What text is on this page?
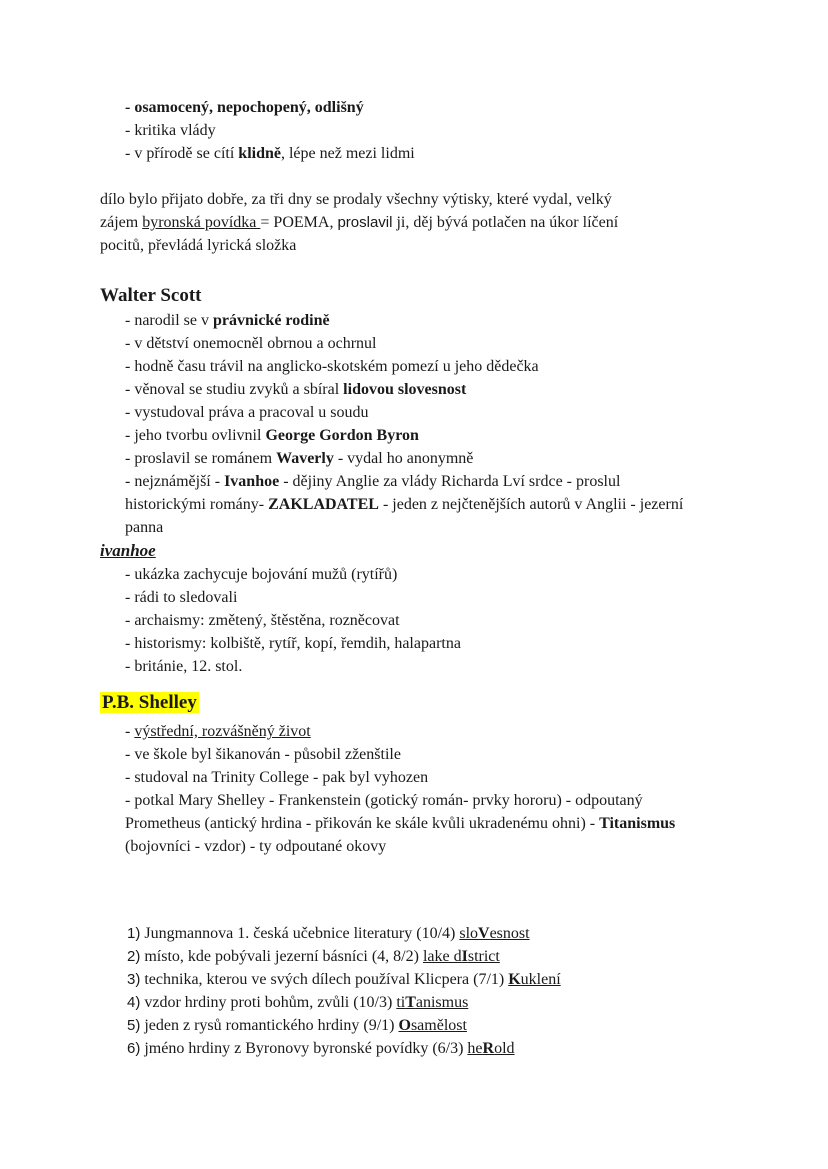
- osamocený, nepochopený, odlišný
- kritika vlády
- v přírodě se cítí klidně, lépe než mezi lidmi
dílo bylo přijato dobře, za tři dny se prodaly všechny výtisky, které vydal, velký
zájem byronská povídka = POEMA, proslavil ji, děj bývá potlačen na úkor líčení
pocitů, převládá lyrická složka
Walter Scott
- narodil se v právnické rodině
- v dětství onemocněl obrnou a ochrnul
- hodně času trávil na anglicko-skotském pomezí u jeho dědečka
- věnoval se studiu zvyků a sbíral lidovou slovesnost
- vystudoval práva a pracoval u soudu
- jeho tvorbu ovlivnil George Gordon Byron
- proslavil se románem Waverly - vydal ho anonymně
- nejznámější - Ivanhoe - dějiny Anglie za vlády Richarda Lví srdce - proslul
historickými romány- ZAKLADATEL - jeden z nejčtenějších autorů v Anglii - jezerní
panna
ivanhoe
- ukázka zachycuje bojování mužů (rytířů)
- rádi to sledovali
- archaismy: změtený, štěstěna, rozněcovat
- historismy: kolbiště, rytíř, kopí, řemdih, halapartna
- británie, 12. stol.
P.B. Shelley
- výstřední, rozvášněný život
- ve škole byl šikanován - působil zženštile
- studoval na Trinity College - pak byl vyhozen
- potkal Mary Shelley - Frankenstein (gotický román- prvky hororu) - odpoutaný
Prometheus (antický hrdina - přikován ke skále kvůli ukradenému ohni) - Titanismus
(bojovníci - vzdor) - ty odpoutané okovy
1) Jungmannova 1. česká učebnice literatury (10/4) sloVesnost
2) místo, kde pobývali jezerní básníci (4, 8/2) lake dIstrict
3) technika, kterou ve svých dílech používal Klicpera (7/1) Kuklení
4) vzdor hrdiny proti bohům, zvůli (10/3) tiTanismus
5) jeden z rysů romantického hrdiny (9/1) Osamělost
6) jméno hrdiny z Byronovy byronské povídky (6/3) heRold
